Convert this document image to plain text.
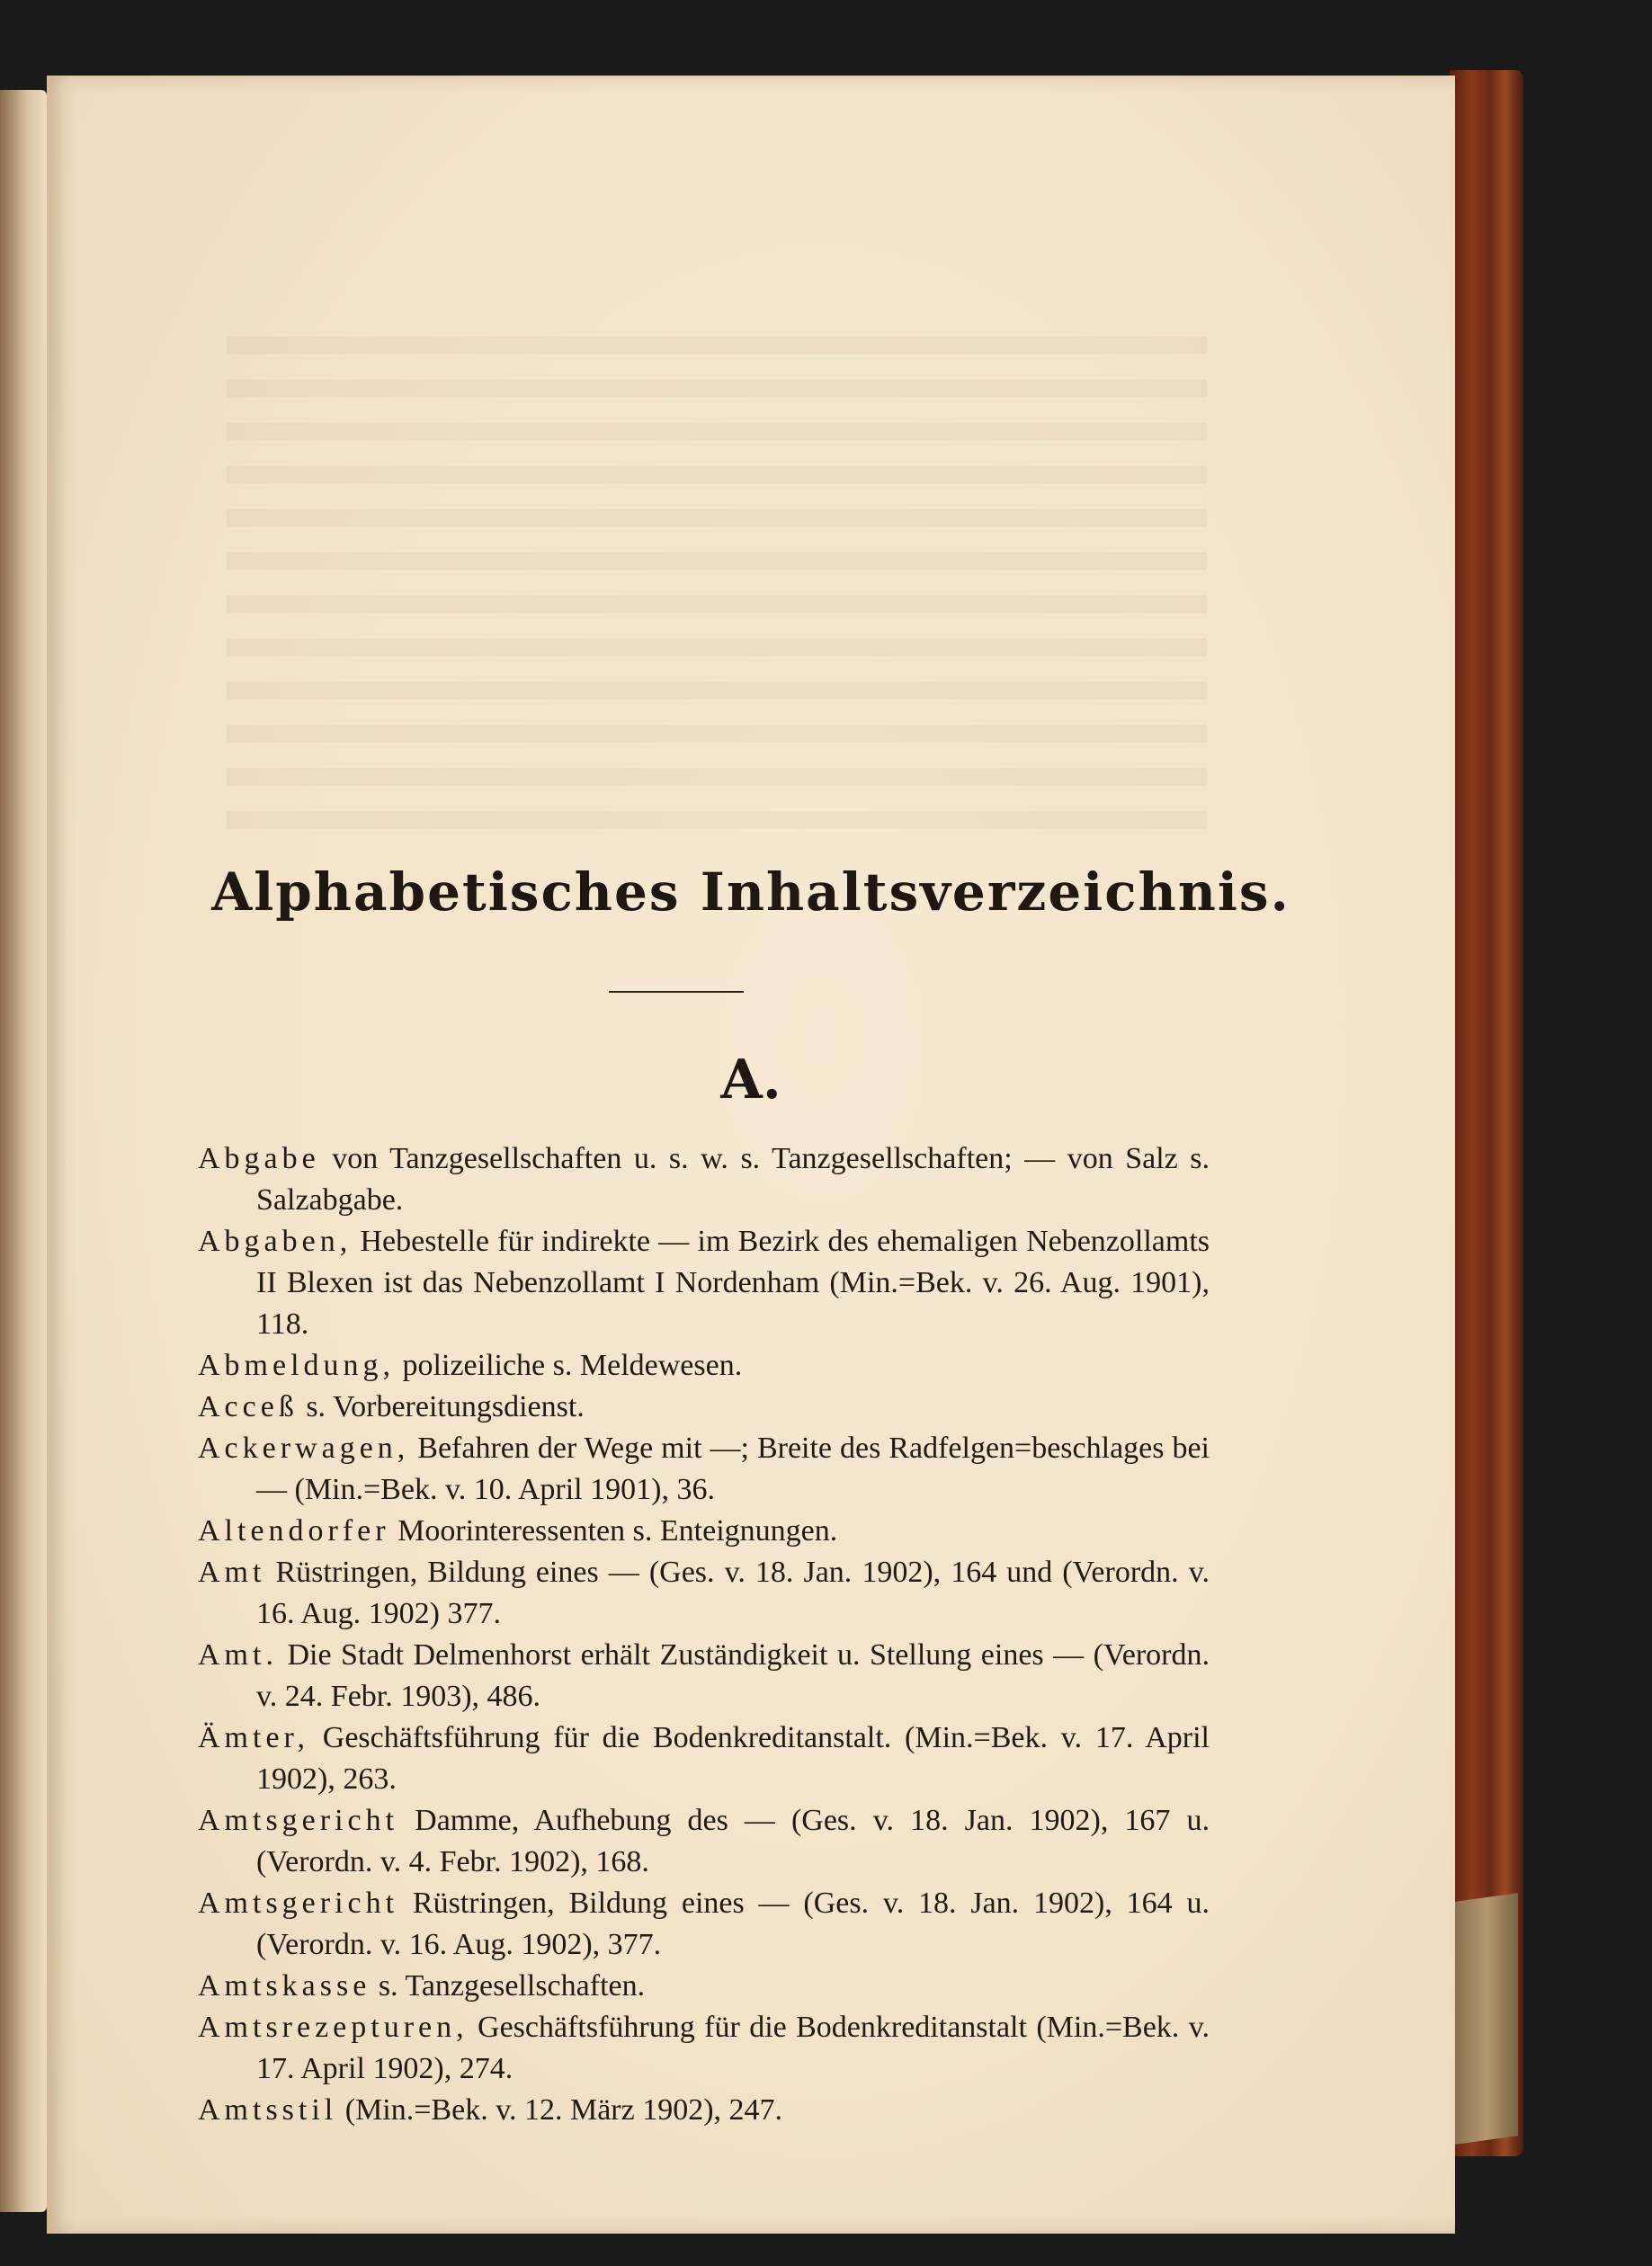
Alphabetisches Inhaltsverzeichnis.
A.
Abgabe von Tanzgesellschaften u. s. w. s. Tanzgesellschaften; — von Salz s. Salzabgabe.
Abgaben, Hebestelle für indirekte — im Bezirk des ehemaligen Nebenzollamts II Blexen ist das Nebenzollamt I Nordenham (Min.=Bek. v. 26. Aug. 1901), 118.
Abmeldung, polizeiliche s. Meldewesen.
Acceß s. Vorbereitungsdienst.
Ackerwagen, Befahren der Wege mit —; Breite des Radfelgen=beschlages bei — (Min.=Bek. v. 10. April 1901), 36.
Altendorfer Moorinteressenten s. Enteignungen.
Amt Rüstringen, Bildung eines — (Ges. v. 18. Jan. 1902), 164 und (Verordn. v. 16. Aug. 1902) 377.
Amt. Die Stadt Delmenhorst erhält Zuständigkeit u. Stellung eines — (Verordn. v. 24. Febr. 1903), 486.
Ämter, Geschäftsführung für die Bodenkreditanstalt. (Min.=Bek. v. 17. April 1902), 263.
Amtsgericht Damme, Aufhebung des — (Ges. v. 18. Jan. 1902), 167 u. (Verordn. v. 4. Febr. 1902), 168.
Amtsgericht Rüstringen, Bildung eines — (Ges. v. 18. Jan. 1902), 164 u. (Verordn. v. 16. Aug. 1902), 377.
Amtskasse s. Tanzgesellschaften.
Amtsrezepturen, Geschäftsführung für die Bodenkreditanstalt (Min.=Bek. v. 17. April 1902), 274.
Amtsstil (Min.=Bek. v. 12. März 1902), 247.
